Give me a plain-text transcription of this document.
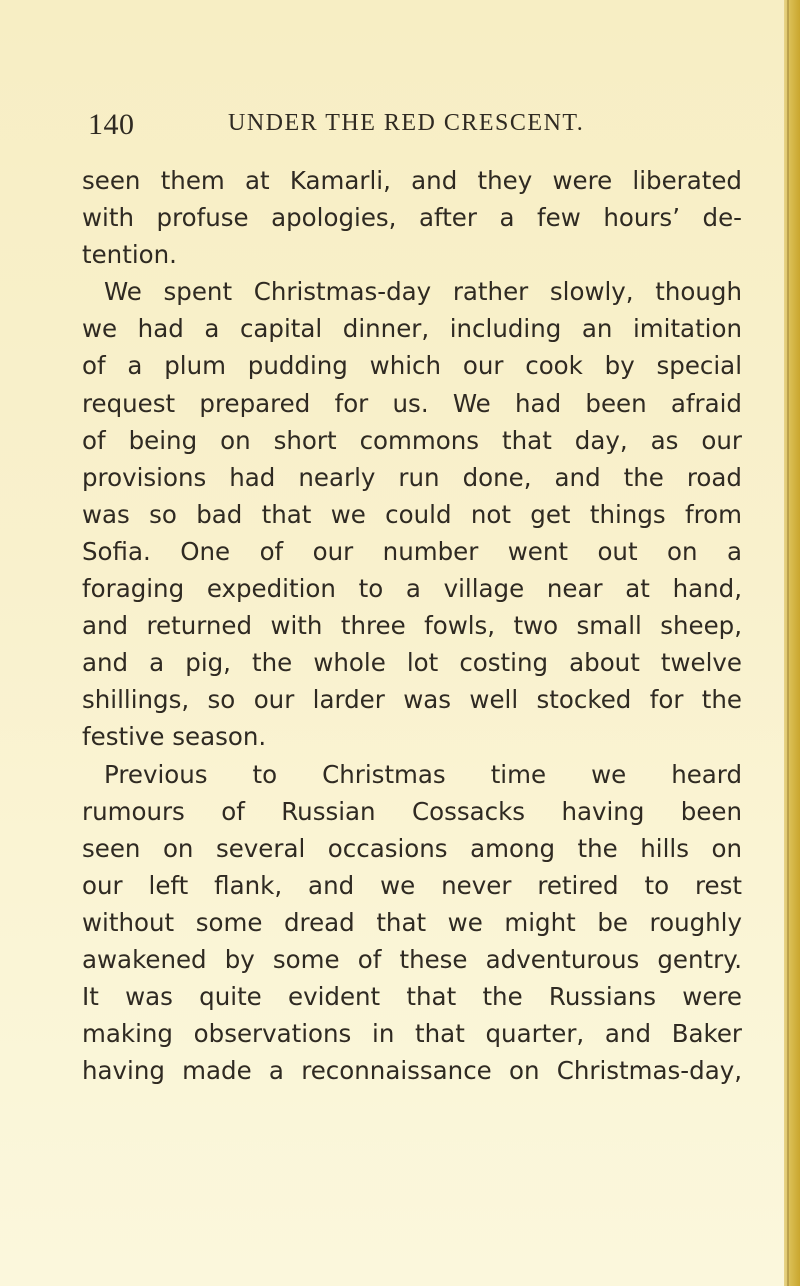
140	UNDER THE RED CRESCENT.
seen them at Kamarli, and they were liberated
with profuse apologies, after a few hours’ de-
tention.
We spent Christmas-day rather slowly, though
we had a capital dinner, including an imitation
of a plum pudding which our cook by special
request prepared for us. We had been afraid
of being on short commons that day, as our
provisions had nearly run done, and the road
was so bad that we could not get things from
Sofia. One of our number went out on a
foraging expedition to a village near at hand,
and returned with three fowls, two small sheep,
and a pig, the whole lot costing about twelve
shillings, so our larder was well stocked for the
festive season.
Previous to Christmas time we heard
rumours of Russian Cossacks having been
seen on several occasions among the hills on
our left flank, and we never retired to rest
without some dread that we might be roughly
awakened by some of these adventurous gentry.
It was quite evident that the Russians were
making observations in that quarter, and Baker
having made a reconnaissance on Christmas-day,
